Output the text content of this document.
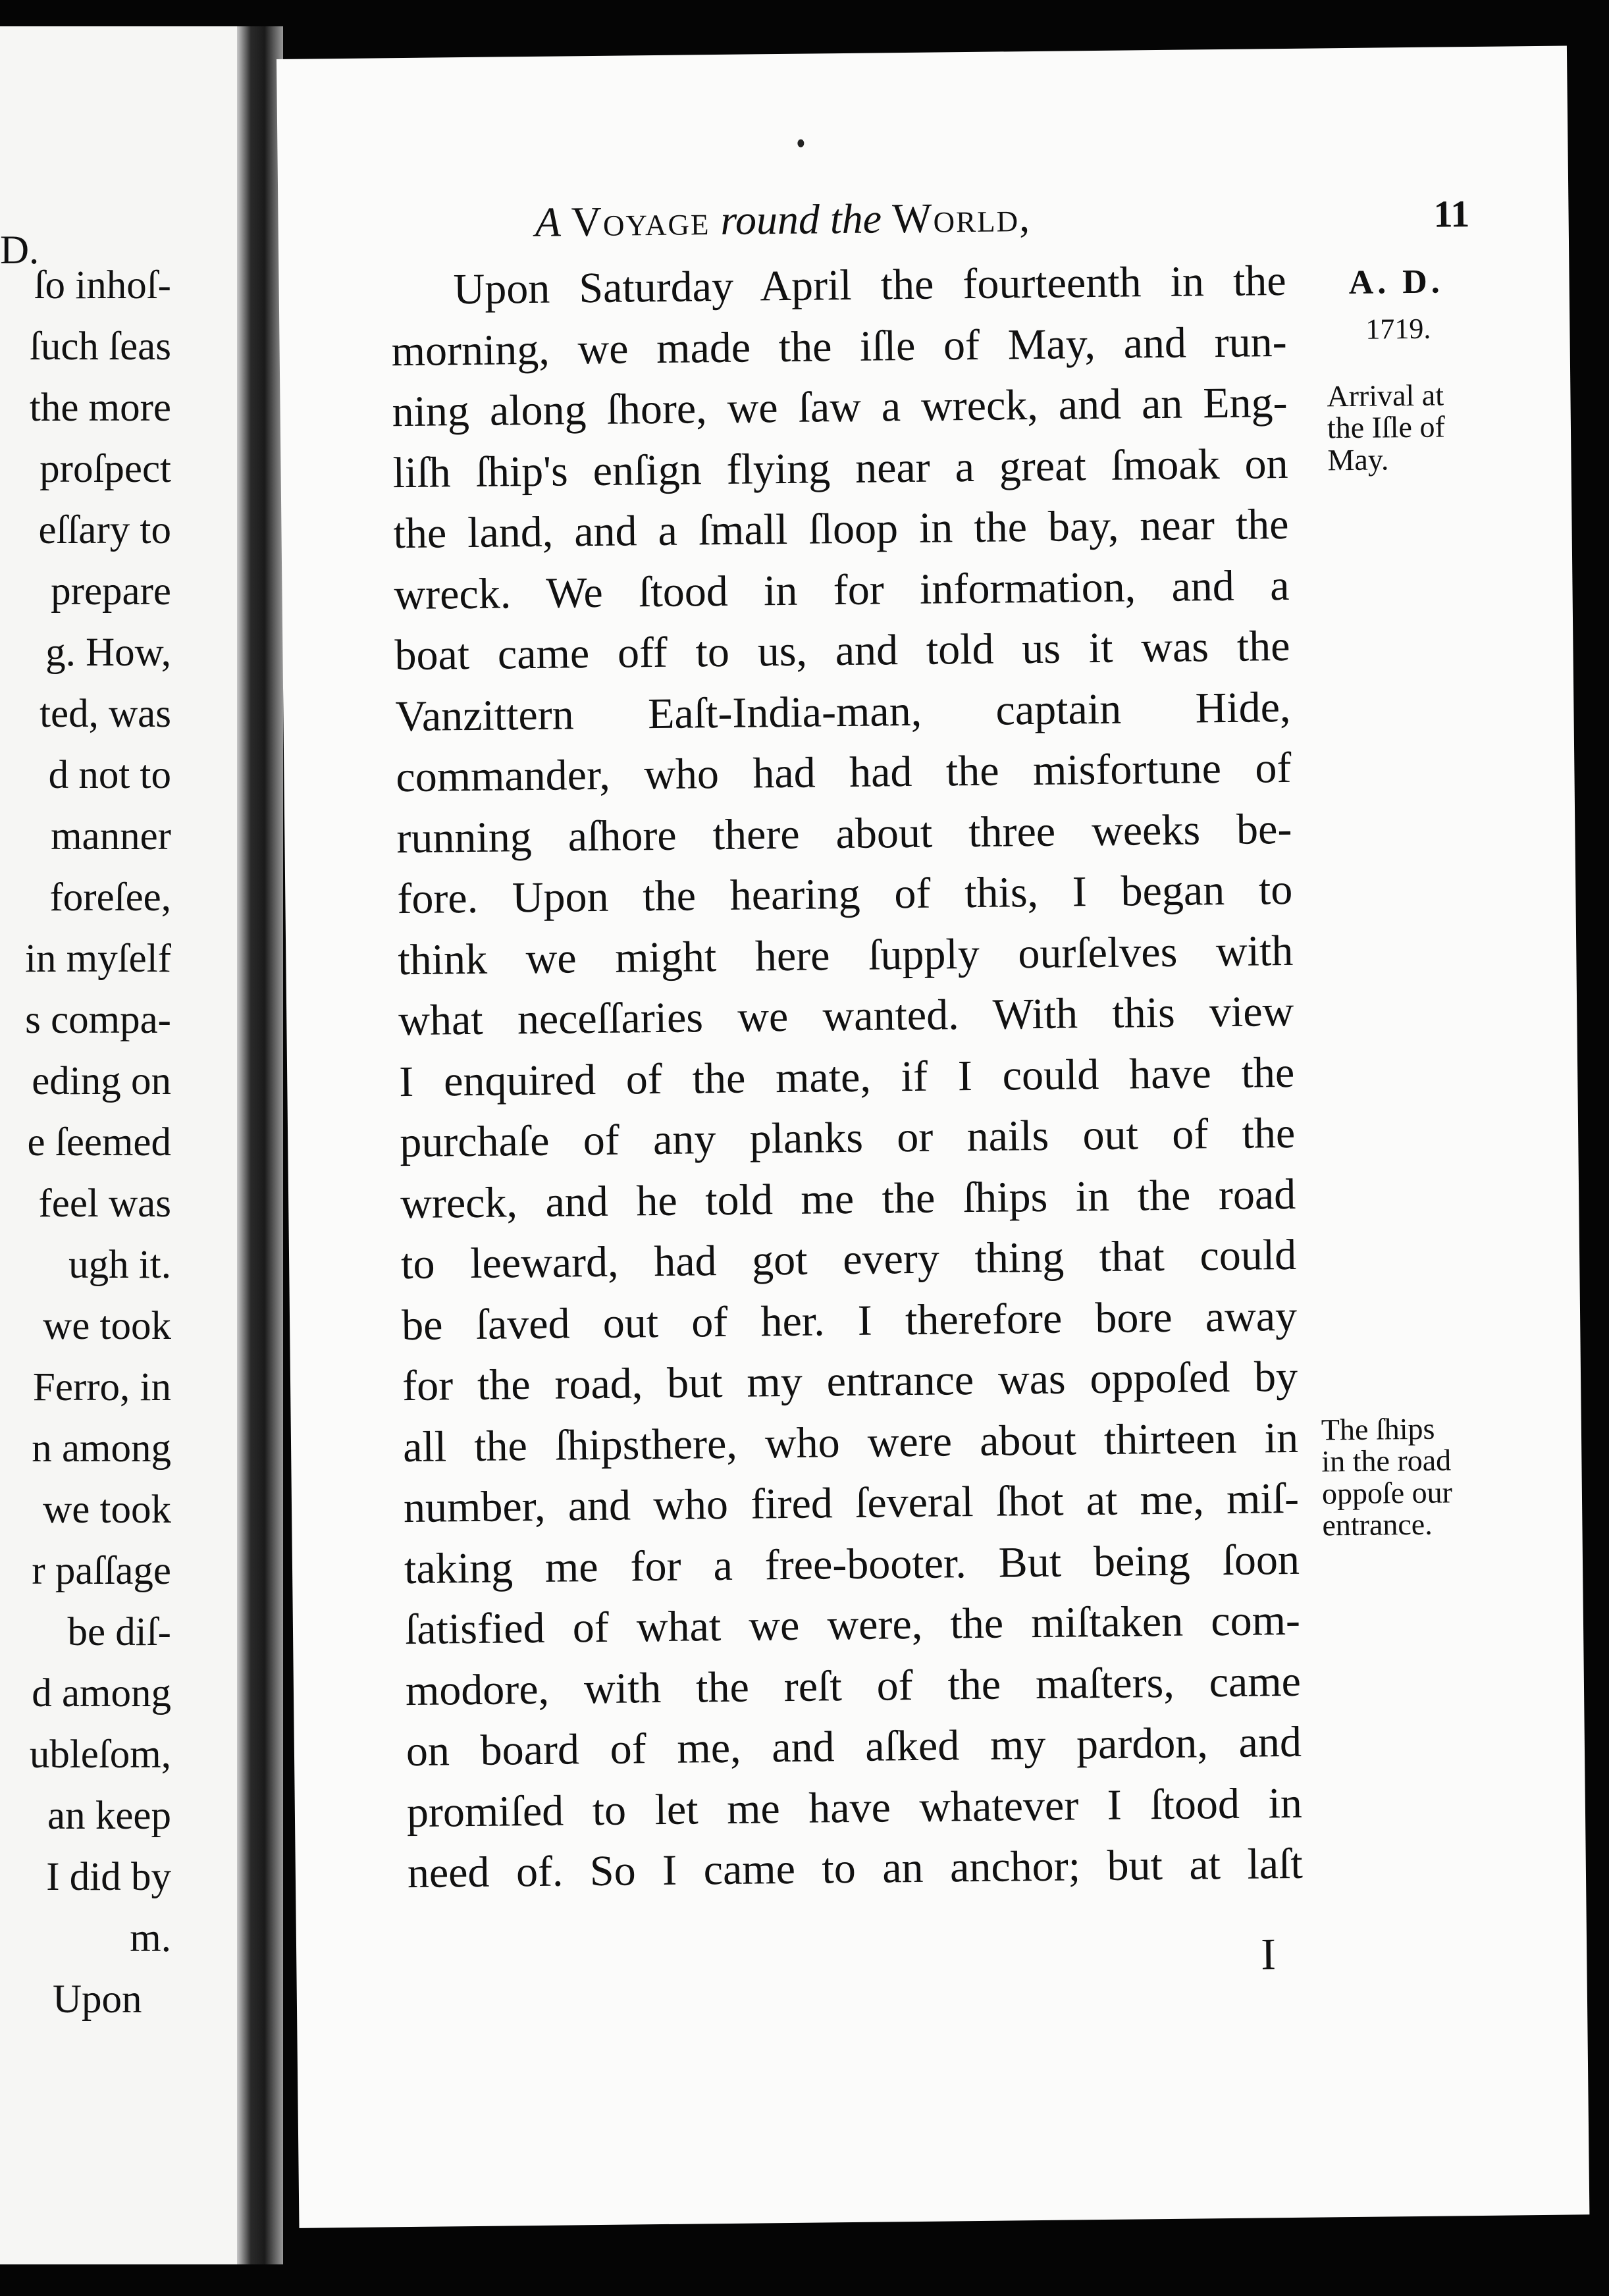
D.
ſo inhoſ-
ſuch ſeas
the more
proſpect
eſſary to
prepare
g. How,
ted, was
d not to
manner
foreſee,
in myſelf
s compa-
eding on
e ſeemed
feel was
ugh it.
we took
Ferro, in
n among
we took
r paſſage
be diſ-
d among
ubleſom,
an keep
I did by
m.
Upon
A Voyage round the World,	11
Upon Saturday April the fourteenth in the
morning, we made the iſle of May, and run-
ning along ſhore, we ſaw a wreck, and an Eng-
liſh ſhip's enſign flying near a great ſmoak on
the land, and a ſmall ſloop in the bay, near the
wreck. We ſtood in for information, and a
boat came off to us, and told us it was the
Vanzittern Eaſt-India-man, captain Hide,
commander, who had had the misfortune of
running aſhore there about three weeks be-
fore. Upon the hearing of this, I began to
think we might here ſupply ourſelves with
what neceſſaries we wanted. With this view
I enquired of the mate, if I could have the
purchaſe of any planks or nails out of the
wreck, and he told me the ſhips in the road
to leeward, had got every thing that could
be ſaved out of her. I therefore bore away
for the road, but my entrance was oppoſed by
all the ſhipsthere, who were about thirteen in
number, and who fired ſeveral ſhot at me, miſ-
taking me for a free-booter. But being ſoon
ſatisfied of what we were, the miſtaken com-
modore, with the reſt of the maſters, came
on board of me, and aſked my pardon, and
promiſed to let me have whatever I ſtood in
need of. So I came to an anchor; but at laſt
A. D.
1719.
Arrival at
the Iſle of
May.
The ſhips
in the road
oppoſe our
entrance.
I
